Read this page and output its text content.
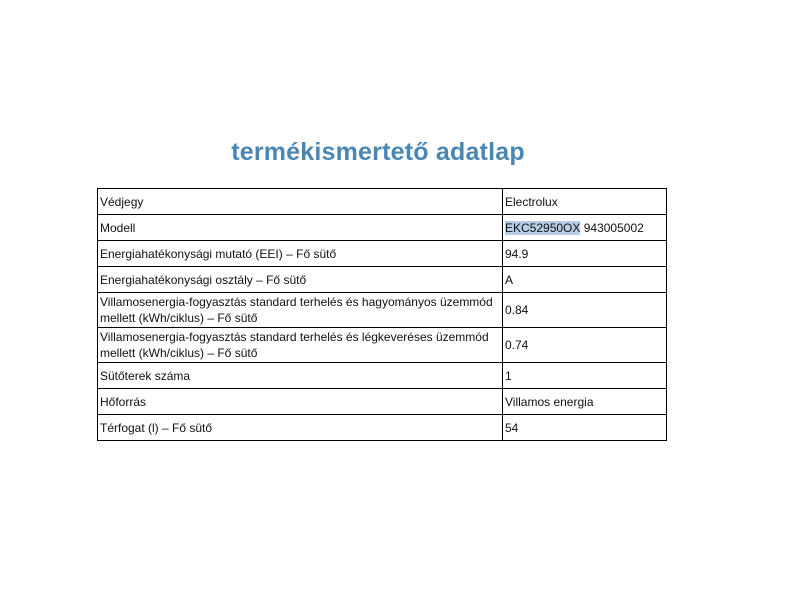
termékismertető adatlap
Védjegy	Electrolux
Modell	EKC52950OX 943005002
Energiahatékonysági mutató (EEI) – Fő sütő	94.9
Energiahatékonysági osztály – Fő sütő	A
Villamosenergia-fogyasztás standard terhelés és hagyományos üzemmód mellett (kWh/ciklus) – Fő sütő	0.84
Villamosenergia-fogyasztás standard terhelés és légkeveréses üzemmód mellett (kWh/ciklus) – Fő sütő	0.74
Sütőterek száma	1
Hőforrás	Villamos energia
Térfogat (l) – Fő sütő	54
